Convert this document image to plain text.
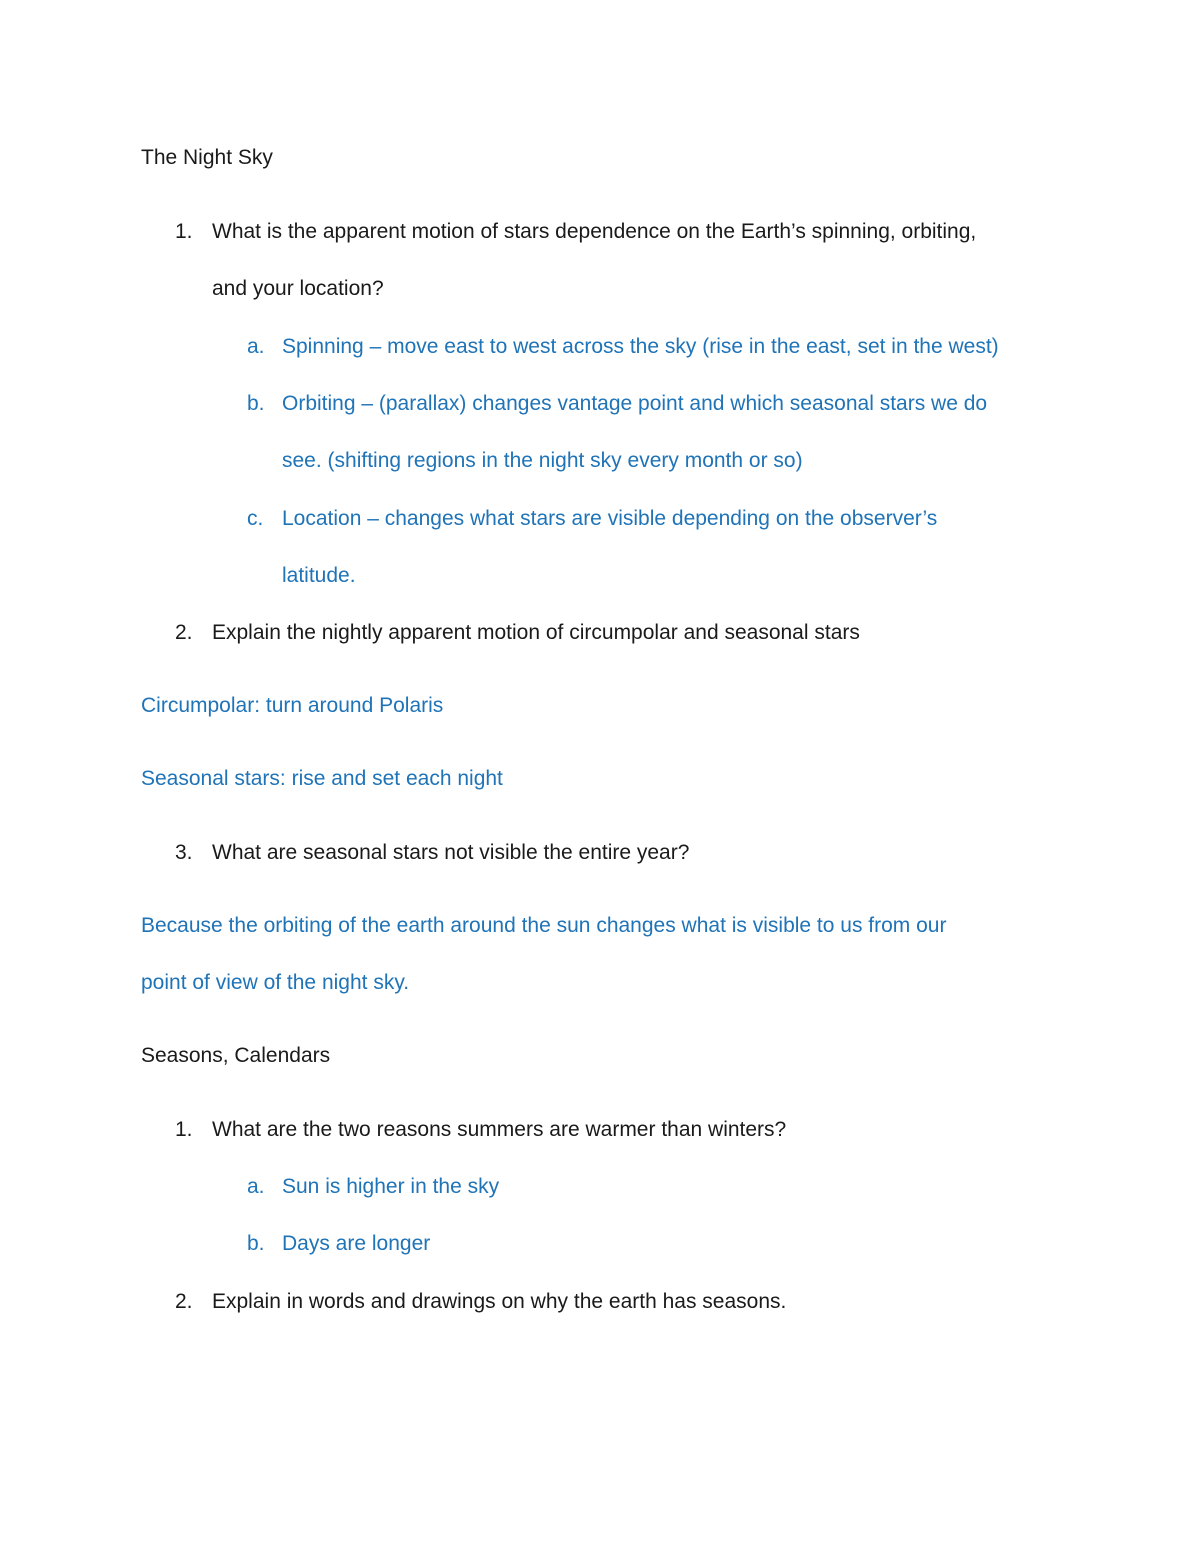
The Night Sky
1. What is the apparent motion of stars dependence on the Earth’s spinning, orbiting,
and your location?
a. Spinning – move east to west across the sky (rise in the east, set in the west)
b. Orbiting – (parallax) changes vantage point and which seasonal stars we do
see. (shifting regions in the night sky every month or so)
c. Location – changes what stars are visible depending on the observer’s
latitude.
2. Explain the nightly apparent motion of circumpolar and seasonal stars
Circumpolar: turn around Polaris
Seasonal stars: rise and set each night
3. What are seasonal stars not visible the entire year?
Because the orbiting of the earth around the sun changes what is visible to us from our
point of view of the night sky.
Seasons, Calendars
1. What are the two reasons summers are warmer than winters?
a. Sun is higher in the sky
b. Days are longer
2. Explain in words and drawings on why the earth has seasons.
